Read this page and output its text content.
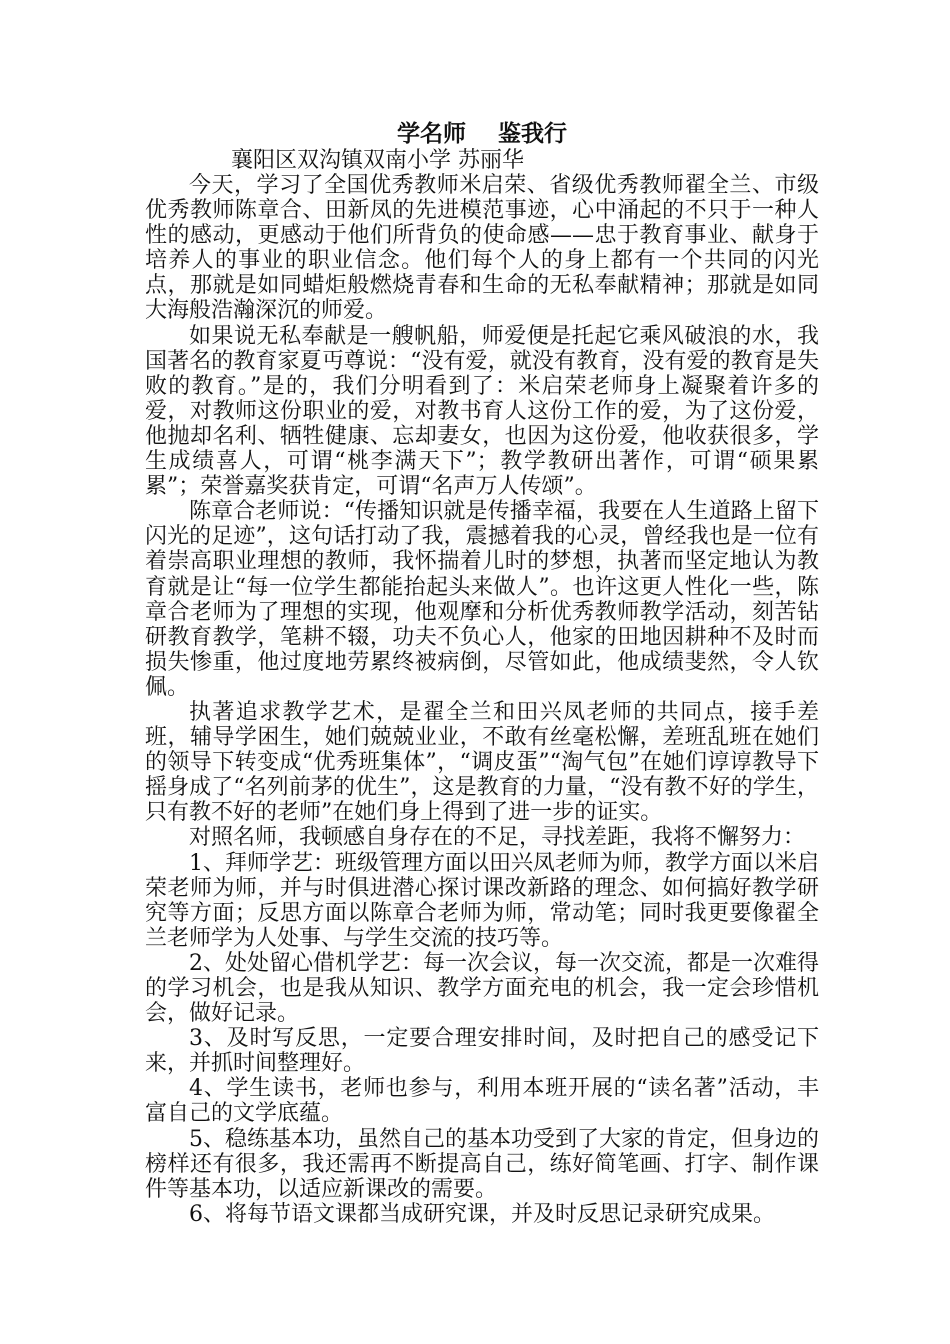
学名师    鉴我行

襄阳区双沟镇双南小学 苏丽华

今天，学习了全国优秀教师米启荣、省级优秀教师翟全兰、市级优秀教师陈章合、田新凤的先进模范事迹，心中涌起的不只于一种人性的感动，更感动于他们所背负的使命感——忠于教育事业、献身于培养人的事业的职业信念。他们每个人的身上都有一个共同的闪光点，那就是如同蜡炬般燃烧青春和生命的无私奉献精神；那就是如同大海般浩瀚深沉的师爱。

如果说无私奉献是一艘帆船，师爱便是托起它乘风破浪的水，我国著名的教育家夏丏尊说：“没有爱，就没有教育，没有爱的教育是失败的教育。”是的，我们分明看到了：米启荣老师身上凝聚着许多的爱，对教师这份职业的爱，对教书育人这份工作的爱，为了这份爱，他抛却名利、牺牲健康、忘却妻女，也因为这份爱，他收获很多，学生成绩喜人，可谓“桃李满天下”；教学教研出著作，可谓“硕果累累”；荣誉嘉奖获肯定，可谓“名声万人传颂”。

陈章合老师说：“传播知识就是传播幸福，我要在人生道路上留下闪光的足迹”，这句话打动了我，震撼着我的心灵，曾经我也是一位有着崇高职业理想的教师，我怀揣着儿时的梦想，执著而坚定地认为教育就是让“每一位学生都能抬起头来做人”。也许这更人性化一些，陈章合老师为了理想的实现，他观摩和分析优秀教师教学活动，刻苦钻研教育教学，笔耕不辍，功夫不负心人，他家的田地因耕种不及时而损失惨重，他过度地劳累终被病倒，尽管如此，他成绩斐然，令人钦佩。

执著追求教学艺术，是翟全兰和田兴凤老师的共同点，接手差班，辅导学困生，她们兢兢业业，不敢有丝毫松懈，差班乱班在她们的领导下转变成“优秀班集体”，“调皮蛋”“淘气包”在她们谆谆教导下摇身成了“名列前茅的优生”，这是教育的力量，“没有教不好的学生，只有教不好的老师”在她们身上得到了进一步的证实。

对照名师，我顿感自身存在的不足，寻找差距，我将不懈努力：

1、拜师学艺：班级管理方面以田兴凤老师为师，教学方面以米启荣老师为师，并与时俱进潜心探讨课改新路的理念、如何搞好教学研究等方面；反思方面以陈章合老师为师，常动笔；同时我更要像翟全兰老师学为人处事、与学生交流的技巧等。

2、处处留心借机学艺：每一次会议，每一次交流，都是一次难得的学习机会，也是我从知识、教学方面充电的机会，我一定会珍惜机会，做好记录。

3、及时写反思，一定要合理安排时间，及时把自己的感受记下来，并抓时间整理好。

4、学生读书，老师也参与，利用本班开展的“读名著”活动，丰富自己的文学底蕴。

5、稳练基本功，虽然自己的基本功受到了大家的肯定，但身边的榜样还有很多，我还需再不断提高自己，练好简笔画、打字、制作课件等基本功，以适应新课改的需要。

6、将每节语文课都当成研究课，并及时反思记录研究成果。
